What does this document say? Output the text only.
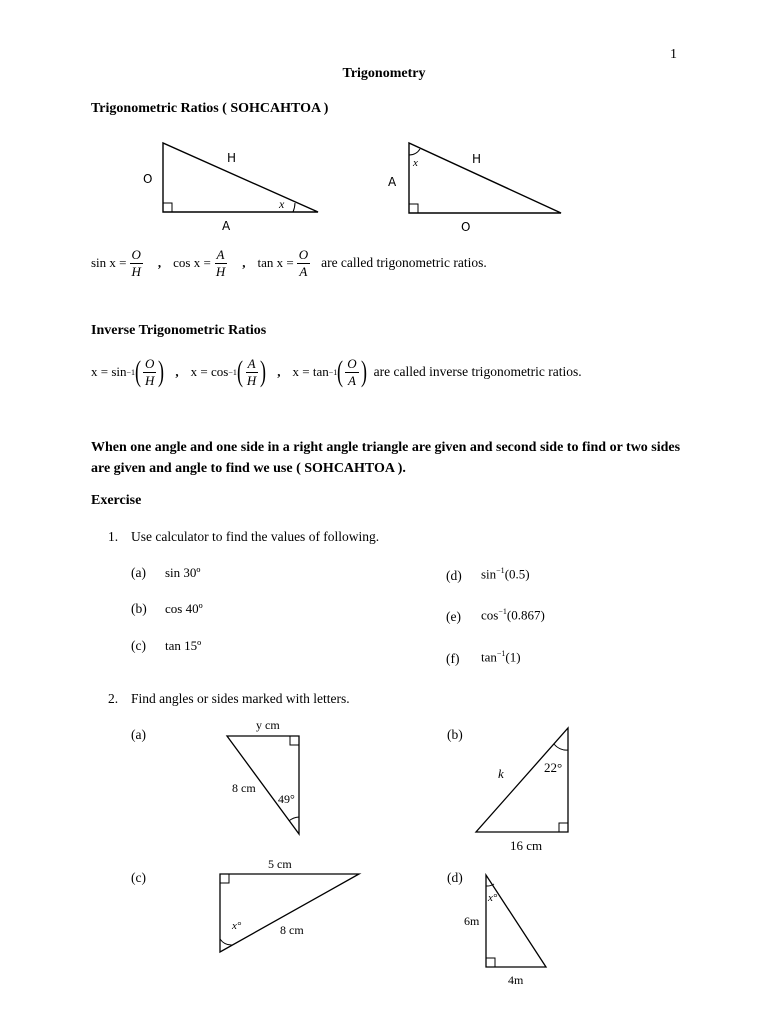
1
Trigonometry
Trigonometric Ratios ( SOHCAHTOA )
O
H
A
x
x	H
A
O
$\sin x = \frac{O}{H}$ , $\cos x = \frac{A}{H}$ , $\tan x = \frac{O}{A}$ are called trigonometric ratios.
Inverse Trigonometric Ratios
x = sin −1 ( $\frac{O}{H}$ ) , x = cos −1 ( $\frac{A}{H}$ ) , x = tan −1 ( $\frac{O}{A}$ ) are called inverse trigonometric ratios.
When one angle and one side in a right angle triangle are given and second side to find or two sides are given and angle to find we use ( SOHCAHTOA ).
Exercise
1. Use calculator to find the values of following.
(a) sin 30º
(b) cos 40º
(c) tan 15º
(d) $\sin^{-1}(0.5)$
(e) $\cos^{-1}(0.867)$
(f) $\tan^{-1}(1)$
2. Find angles or sides marked with letters.
(a)	(b)
(c)	(d)
y cm
8 cm
49°
k	22°
16 cm
5 cm
x°	8 cm
x°
6m
4m
